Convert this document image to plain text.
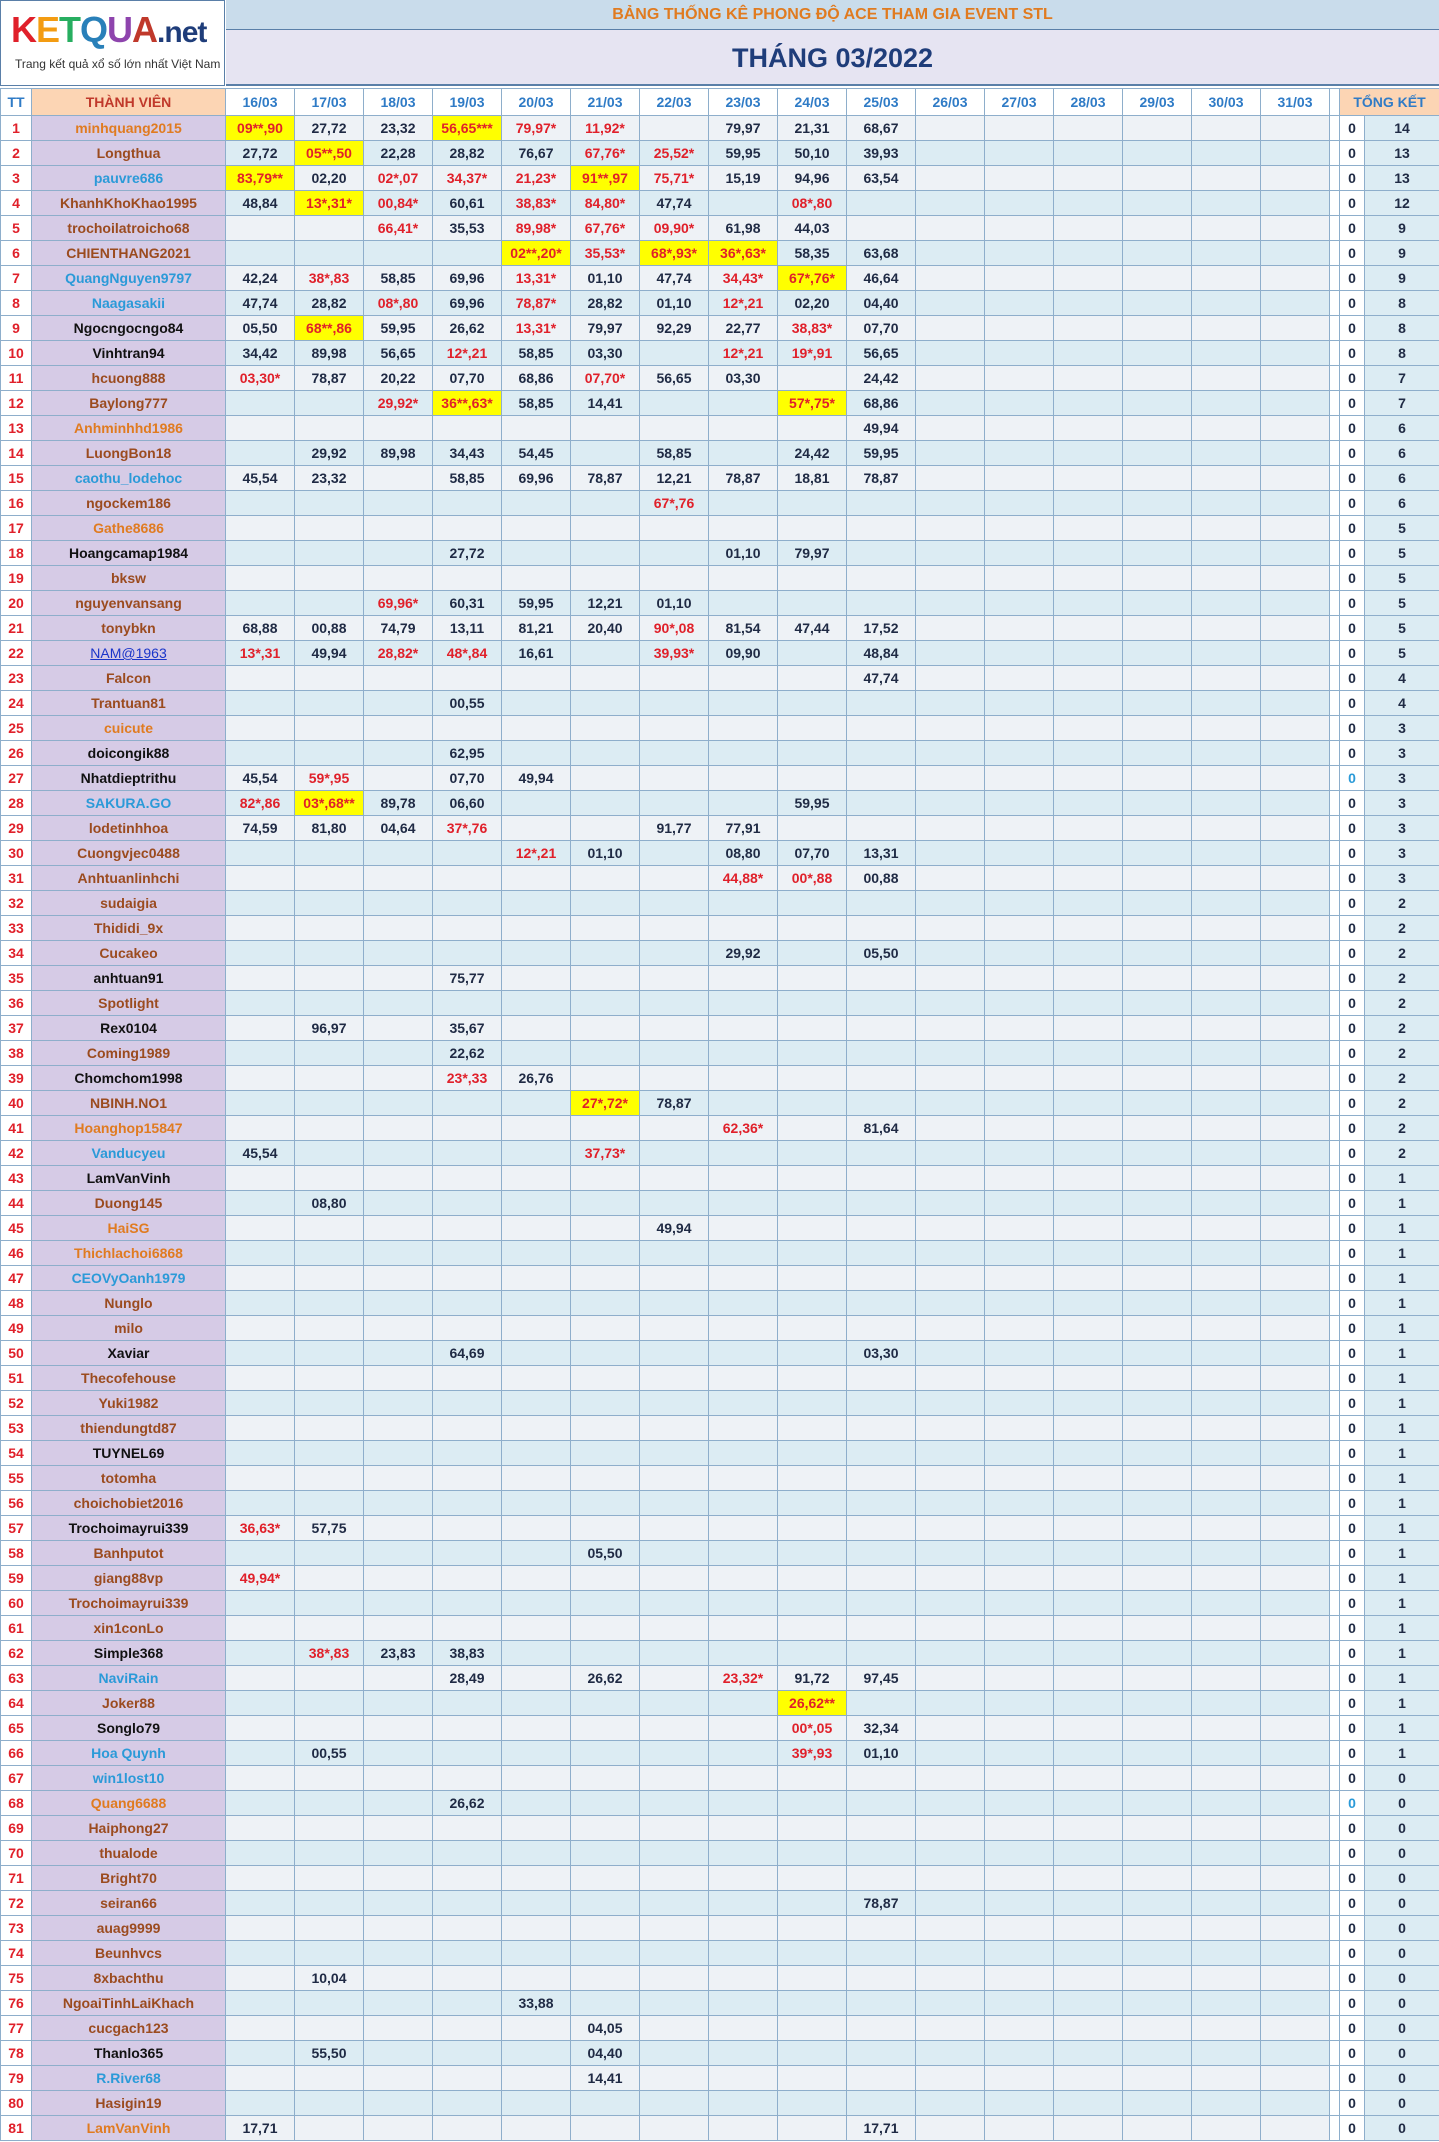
KETQUA.net
Trang kết quả xổ số lớn nhất Việt Nam
BẢNG THỐNG KÊ PHONG ĐỘ ACE THAM GIA EVENT STL
THÁNG 03/2022
TT	THÀNH VIÊN	16/03	17/03	18/03	19/03	20/03	21/03	22/03	23/03	24/03	25/03	26/03	27/03	28/03	29/03	30/03	31/03		TỔNG KẾT	
1	minhquang2015	09**,90	27,72	23,32	56,65***	79,97*	11,92*		79,97	21,31	68,67								0	14
2	Longthua	27,72	05**,50	22,28	28,82	76,67	67,76*	25,52*	59,95	50,10	39,93								0	13
3	pauvre686	83,79**	02,20	02*,07	34,37*	21,23*	91**,97	75,71*	15,19	94,96	63,54								0	13
4	KhanhKhoKhao1995	48,84	13*,31*	00,84*	60,61	38,83*	84,80*	47,74		08*,80									0	12
5	trochoilatroicho68			66,41*	35,53	89,98*	67,76*	09,90*	61,98	44,03									0	9
6	CHIENTHANG2021					02**,20*	35,53*	68*,93*	36*,63*	58,35	63,68								0	9
7	QuangNguyen9797	42,24	38*,83	58,85	69,96	13,31*	01,10	47,74	34,43*	67*,76*	46,64								0	9
8	Naagasakii	47,74	28,82	08*,80	69,96	78,87*	28,82	01,10	12*,21	02,20	04,40								0	8
9	Ngocngocngo84	05,50	68**,86	59,95	26,62	13,31*	79,97	92,29	22,77	38,83*	07,70								0	8
10	Vinhtran94	34,42	89,98	56,65	12*,21	58,85	03,30		12*,21	19*,91	56,65								0	8
11	hcuong888	03,30*	78,87	20,22	07,70	68,86	07,70*	56,65	03,30		24,42								0	7
12	Baylong777			29,92*	36**,63*	58,85	14,41			57*,75*	68,86								0	7
13	Anhminhhd1986										49,94								0	6
14	LuongBon18		29,92	89,98	34,43	54,45		58,85		24,42	59,95								0	6
15	caothu_lodehoc	45,54	23,32		58,85	69,96	78,87	12,21	78,87	18,81	78,87								0	6
16	ngockem186							67*,76											0	6
17	Gathe8686																		0	5
18	Hoangcamap1984				27,72				01,10	79,97									0	5
19	bksw																		0	5
20	nguyenvansang			69,96*	60,31	59,95	12,21	01,10											0	5
21	tonybkn	68,88	00,88	74,79	13,11	81,21	20,40	90*,08	81,54	47,44	17,52								0	5
22	NAM@1963	13*,31	49,94	28,82*	48*,84	16,61		39,93*	09,90		48,84								0	5
23	Falcon										47,74								0	4
24	Trantuan81				00,55														0	4
25	cuicute																		0	3
26	doicongik88				62,95														0	3
27	Nhatdieptrithu	45,54	59*,95		07,70	49,94													0	3
28	SAKURA.GO	82*,86	03*,68**	89,78	06,60					59,95									0	3
29	lodetinhhoa	74,59	81,80	04,64	37*,76			91,77	77,91										0	3
30	Cuongvjec0488					12*,21	01,10		08,80	07,70	13,31								0	3
31	Anhtuanlinhchi								44,88*	00*,88	00,88								0	3
32	sudaigia																		0	2
33	Thididi_9x																		0	2
34	Cucakeo								29,92		05,50								0	2
35	anhtuan91				75,77														0	2
36	Spotlight																		0	2
37	Rex0104		96,97		35,67														0	2
38	Coming1989				22,62														0	2
39	Chomchom1998				23*,33	26,76													0	2
40	NBINH.NO1						27*,72*	78,87											0	2
41	Hoanghop15847								62,36*		81,64								0	2
42	Vanducyeu	45,54					37,73*												0	2
43	LamVanVinh																		0	1
44	Duong145		08,80																0	1
45	HaiSG							49,94											0	1
46	Thichlachoi6868																		0	1
47	CEOVyOanh1979																		0	1
48	Nunglo																		0	1
49	milo																		0	1
50	Xaviar				64,69						03,30								0	1
51	Thecofehouse																		0	1
52	Yuki1982																		0	1
53	thiendungtd87																		0	1
54	TUYNEL69																		0	1
55	totomha																		0	1
56	choichobiet2016																		0	1
57	Trochoimayrui339	36,63*	57,75																0	1
58	Banhputot						05,50												0	1
59	giang88vp	49,94*																	0	1
60	Trochoimayrui339																		0	1
61	xin1conLo																		0	1
62	Simple368		38*,83	23,83	38,83														0	1
63	NaviRain				28,49		26,62		23,32*	91,72	97,45								0	1
64	Joker88									26,62**									0	1
65	Songlo79									00*,05	32,34								0	1
66	Hoa Quynh		00,55							39*,93	01,10								0	1
67	win1lost10																		0	0
68	Quang6688				26,62														0	0
69	Haiphong27																		0	0
70	thualode																		0	0
71	Bright70																		0	0
72	seiran66										78,87								0	0
73	auag9999																		0	0
74	Beunhvcs																		0	0
75	8xbachthu		10,04																0	0
76	NgoaiTinhLaiKhach					33,88													0	0
77	cucgach123						04,05												0	0
78	Thanlo365		55,50				04,40												0	0
79	R.River68						14,41												0	0
80	Hasigin19																		0	0
81	LamVanVinh	17,71									17,71								0	0
